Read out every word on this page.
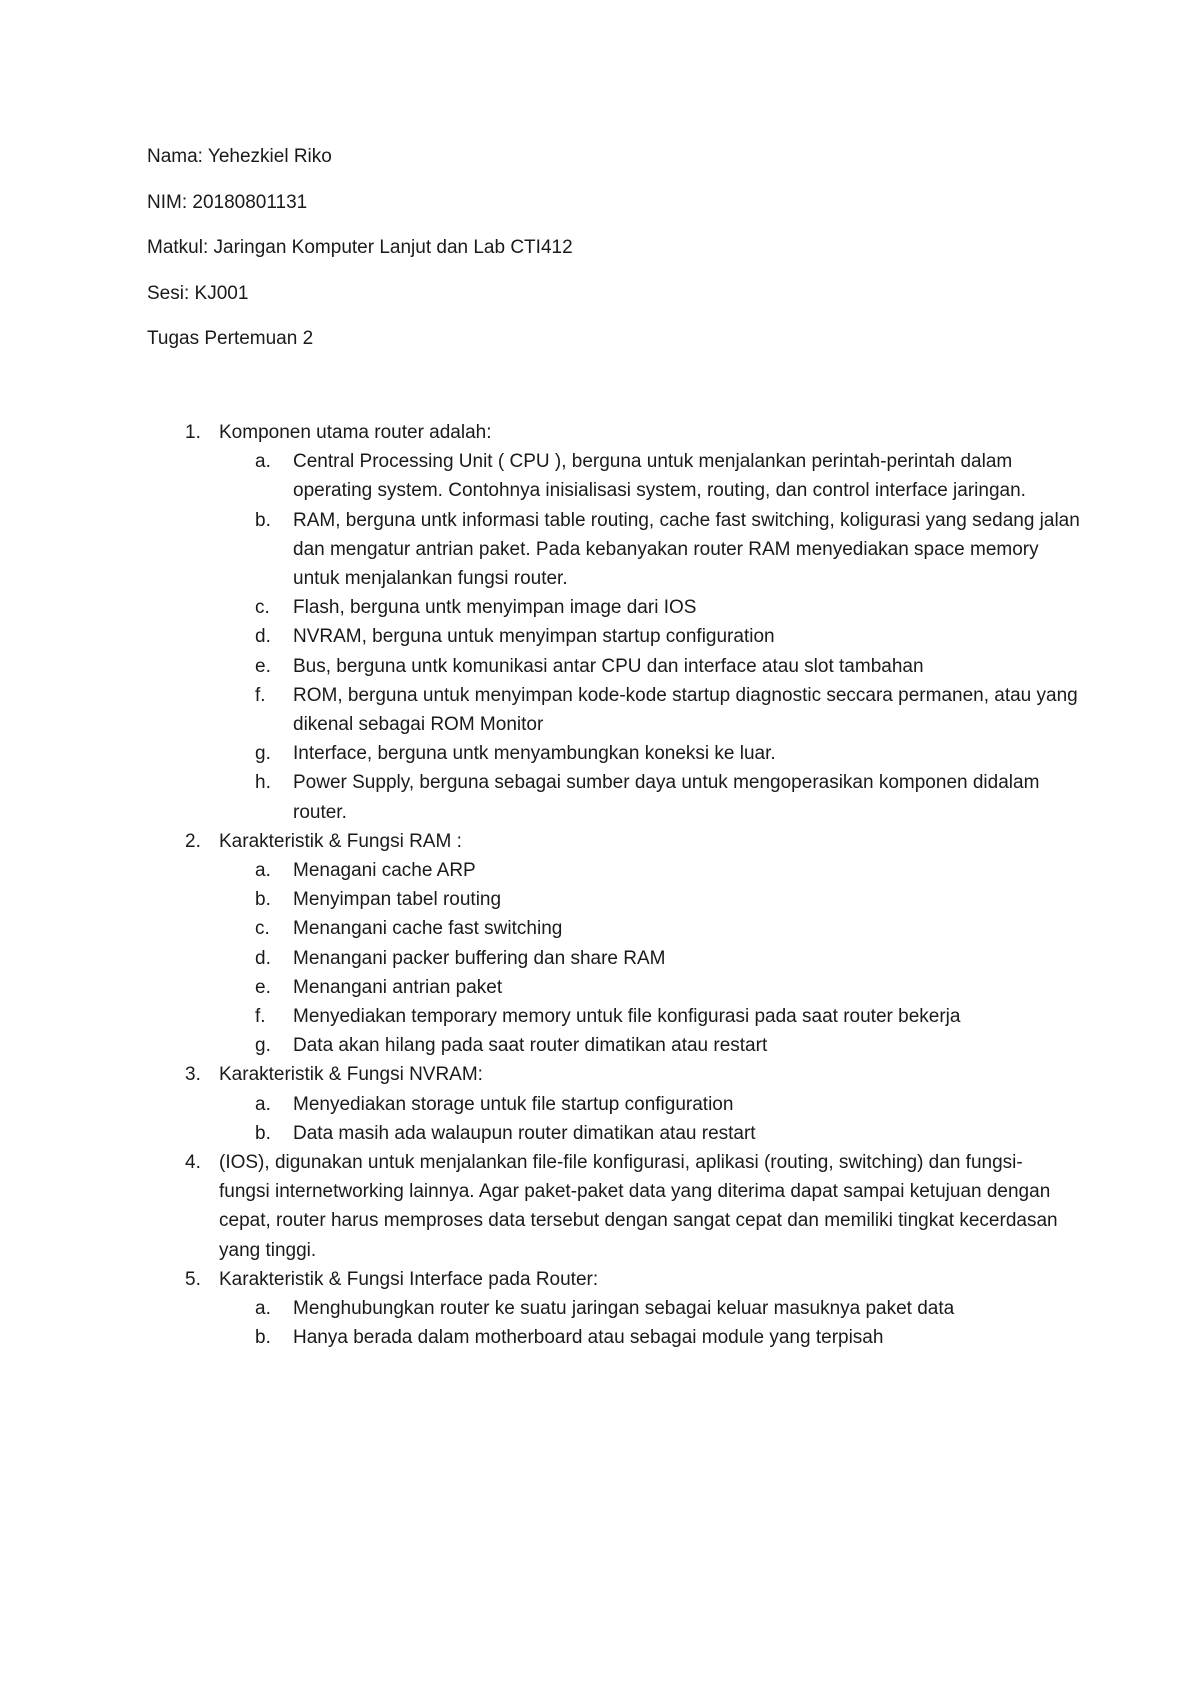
Nama: Yehezkiel Riko
NIM: 20180801131
Matkul: Jaringan Komputer Lanjut dan Lab CTI412
Sesi: KJ001
Tugas Pertemuan 2
1. Komponen utama router adalah:
a.	Central Processing Unit ( CPU ), berguna untuk menjalankan perintah-perintah dalam operating system. Contohnya inisialisasi system, routing, dan control interface jaringan.
b.	RAM, berguna untk informasi table routing, cache fast switching, koligurasi yang sedang jalan dan mengatur antrian paket. Pada kebanyakan router RAM menyediakan space memory untuk menjalankan fungsi router.
c.	Flash, berguna untk menyimpan image dari IOS
d.	NVRAM, berguna untuk menyimpan startup configuration
e.	Bus, berguna untk komunikasi antar CPU dan interface atau slot tambahan
f.	ROM, berguna untuk menyimpan kode-kode startup diagnostic seccara permanen, atau yang dikenal sebagai ROM Monitor
g.	Interface, berguna untk menyambungkan koneksi ke luar.
h.	Power Supply, berguna sebagai sumber daya untuk mengoperasikan komponen didalam router.
2. Karakteristik & Fungsi RAM :
a.	Menagani cache ARP
b.	Menyimpan tabel routing
c.	Menangani cache fast switching
d.	Menangani packer buffering dan share RAM
e.	Menangani antrian paket
f.	Menyediakan temporary memory untuk file konfigurasi pada saat router bekerja
g.	Data akan hilang pada saat router dimatikan atau restart
3. Karakteristik & Fungsi NVRAM:
a.	Menyediakan storage untuk file startup configuration
b.	Data masih ada walaupun router dimatikan atau restart
4. (IOS), digunakan untuk menjalankan file-file konfigurasi, aplikasi (routing, switching) dan fungsi-fungsi internetworking lainnya. Agar paket-paket data yang diterima dapat sampai ketujuan dengan cepat, router harus memproses data tersebut dengan sangat cepat dan memiliki tingkat kecerdasan yang tinggi.
5. Karakteristik & Fungsi Interface pada Router:
a.	Menghubungkan router ke suatu jaringan sebagai keluar masuknya paket data
b.	Hanya berada dalam motherboard atau sebagai module yang terpisah
